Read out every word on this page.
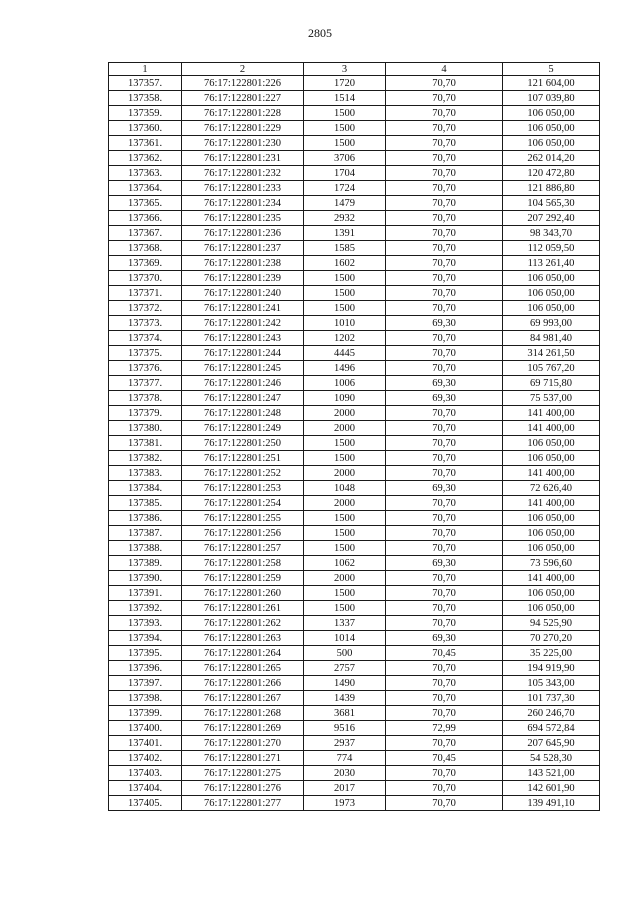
2805
1	2	3	4	5
137357.	76:17:122801:226	1720	70,70	121 604,00
137358.	76:17:122801:227	1514	70,70	107 039,80
137359.	76:17:122801:228	1500	70,70	106 050,00
137360.	76:17:122801:229	1500	70,70	106 050,00
137361.	76:17:122801:230	1500	70,70	106 050,00
137362.	76:17:122801:231	3706	70,70	262 014,20
137363.	76:17:122801:232	1704	70,70	120 472,80
137364.	76:17:122801:233	1724	70,70	121 886,80
137365.	76:17:122801:234	1479	70,70	104 565,30
137366.	76:17:122801:235	2932	70,70	207 292,40
137367.	76:17:122801:236	1391	70,70	98 343,70
137368.	76:17:122801:237	1585	70,70	112 059,50
137369.	76:17:122801:238	1602	70,70	113 261,40
137370.	76:17:122801:239	1500	70,70	106 050,00
137371.	76:17:122801:240	1500	70,70	106 050,00
137372.	76:17:122801:241	1500	70,70	106 050,00
137373.	76:17:122801:242	1010	69,30	69 993,00
137374.	76:17:122801:243	1202	70,70	84 981,40
137375.	76:17:122801:244	4445	70,70	314 261,50
137376.	76:17:122801:245	1496	70,70	105 767,20
137377.	76:17:122801:246	1006	69,30	69 715,80
137378.	76:17:122801:247	1090	69,30	75 537,00
137379.	76:17:122801:248	2000	70,70	141 400,00
137380.	76:17:122801:249	2000	70,70	141 400,00
137381.	76:17:122801:250	1500	70,70	106 050,00
137382.	76:17:122801:251	1500	70,70	106 050,00
137383.	76:17:122801:252	2000	70,70	141 400,00
137384.	76:17:122801:253	1048	69,30	72 626,40
137385.	76:17:122801:254	2000	70,70	141 400,00
137386.	76:17:122801:255	1500	70,70	106 050,00
137387.	76:17:122801:256	1500	70,70	106 050,00
137388.	76:17:122801:257	1500	70,70	106 050,00
137389.	76:17:122801:258	1062	69,30	73 596,60
137390.	76:17:122801:259	2000	70,70	141 400,00
137391.	76:17:122801:260	1500	70,70	106 050,00
137392.	76:17:122801:261	1500	70,70	106 050,00
137393.	76:17:122801:262	1337	70,70	94 525,90
137394.	76:17:122801:263	1014	69,30	70 270,20
137395.	76:17:122801:264	500	70,45	35 225,00
137396.	76:17:122801:265	2757	70,70	194 919,90
137397.	76:17:122801:266	1490	70,70	105 343,00
137398.	76:17:122801:267	1439	70,70	101 737,30
137399.	76:17:122801:268	3681	70,70	260 246,70
137400.	76:17:122801:269	9516	72,99	694 572,84
137401.	76:17:122801:270	2937	70,70	207 645,90
137402.	76:17:122801:271	774	70,45	54 528,30
137403.	76:17:122801:275	2030	70,70	143 521,00
137404.	76:17:122801:276	2017	70,70	142 601,90
137405.	76:17:122801:277	1973	70,70	139 491,10
